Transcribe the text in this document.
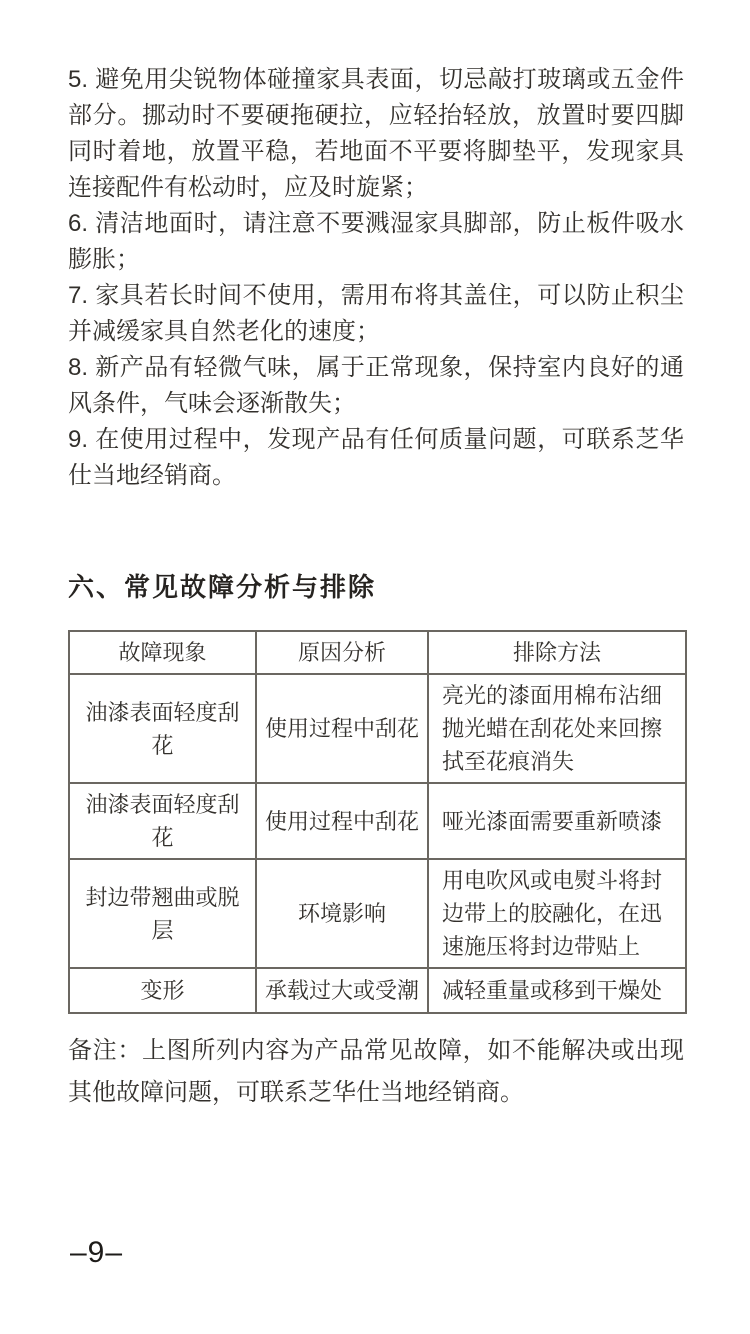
5. 避免用尖锐物体碰撞家具表面，切忌敲打玻璃或五金件部分。挪动时不要硬拖硬拉，应轻抬轻放，放置时要四脚同时着地，放置平稳，若地面不平要将脚垫平，发现家具连接配件有松动时，应及时旋紧；

6. 清洁地面时，请注意不要溅湿家具脚部，防止板件吸水膨胀；

7. 家具若长时间不使用，需用布将其盖住，可以防止积尘并减缓家具自然老化的速度；

8. 新产品有轻微气味，属于正常现象，保持室内良好的通风条件，气味会逐渐散失；

9. 在使用过程中，发现产品有任何质量问题，可联系芝华仕当地经销商。

六、常见故障分析与排除
故障现象	原因分析	排除方法
油漆表面轻度刮花	使用过程中刮花	亮光的漆面用棉布沾细抛光蜡在刮花处来回擦拭至花痕消失
油漆表面轻度刮花	使用过程中刮花	哑光漆面需要重新喷漆
封边带翘曲或脱层	环境影响	用电吹风或电熨斗将封边带上的胶融化，在迅速施压将封边带贴上
变形	承载过大或受潮	减轻重量或移到干燥处

备注：上图所列内容为产品常见故障，如不能解决或出现其他故障问题，可联系芝华仕当地经销商。

–9–
